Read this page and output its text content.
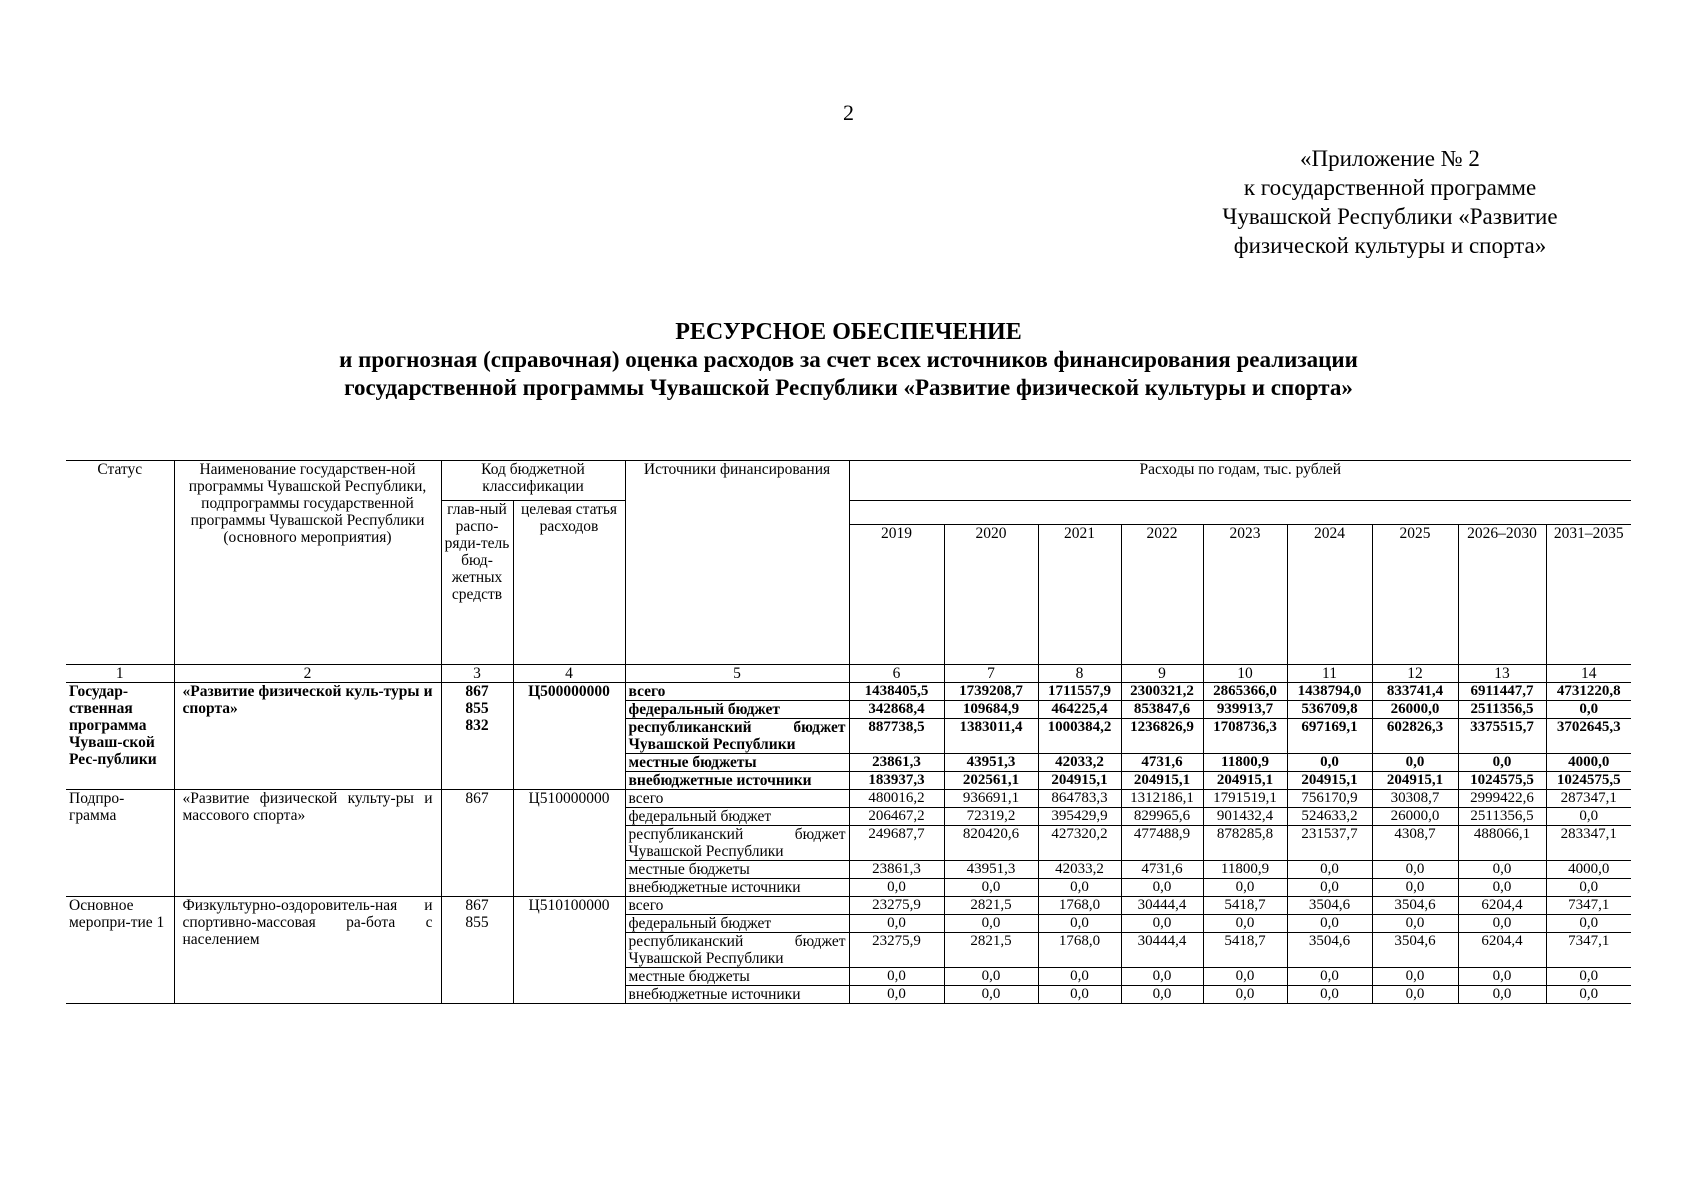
2
«Приложение № 2
к государственной программе
Чувашской Республики «Развитие
физической культуры и спорта»
РЕСУРСНОЕ ОБЕСПЕЧЕНИЕ
и прогнозная (справочная) оценка расходов за счет всех источников финансирования реализации
государственной программы Чувашской Республики «Развитие физической культуры и спорта»
Статус	Наименование государствен-ной программы Чувашской Республики, подпрограммы государственной программы Чувашской Республики (основного мероприятия)	Код бюджетной классификации		Источники финансирования	Расходы по годам, тыс. рублей								
		глав-ный распо-ряди-тель бюд-жетных средств	целевая статья расходов										
					2019	2020	2021	2022	2023	2024	2025	2026–2030	2031–2035
1	2	3	4	5	6	7	8	9	10	11	12	13	14
Государ-ственная программа Чуваш-ской Рес-публики	«Развитие физической куль-туры и спорта»	867
855
832	Ц500000000	всего	1438405,5	1739208,7	1711557,9	2300321,2	2865366,0	1438794,0	833741,4	6911447,7	4731220,8
				федеральный бюджет	342868,4	109684,9	464225,4	853847,6	939913,7	536709,8	26000,0	2511356,5	0,0
				республиканский бюджет Чувашской Республики	887738,5	1383011,4	1000384,2	1236826,9	1708736,3	697169,1	602826,3	3375515,7	3702645,3
				местные бюджеты	23861,3	43951,3	42033,2	4731,6	11800,9	0,0	0,0	0,0	4000,0
				внебюджетные источники	183937,3	202561,1	204915,1	204915,1	204915,1	204915,1	204915,1	1024575,5	1024575,5
Подпро-грамма	«Развитие физической культу-ры и массового спорта»	867	Ц510000000	всего	480016,2	936691,1	864783,3	1312186,1	1791519,1	756170,9	30308,7	2999422,6	287347,1
				федеральный бюджет	206467,2	72319,2	395429,9	829965,6	901432,4	524633,2	26000,0	2511356,5	0,0
				республиканский бюджет Чувашской Республики	249687,7	820420,6	427320,2	477488,9	878285,8	231537,7	4308,7	488066,1	283347,1
				местные бюджеты	23861,3	43951,3	42033,2	4731,6	11800,9	0,0	0,0	0,0	4000,0
				внебюджетные источники	0,0	0,0	0,0	0,0	0,0	0,0	0,0	0,0	0,0
Основное меропри-тие 1	Физкультурно-оздоровитель-ная и спортивно-массовая ра-бота с населением	867
855	Ц510100000	всего	23275,9	2821,5	1768,0	30444,4	5418,7	3504,6	3504,6	6204,4	7347,1
				федеральный бюджет	0,0	0,0	0,0	0,0	0,0	0,0	0,0	0,0	0,0
				республиканский бюджет Чувашской Республики	23275,9	2821,5	1768,0	30444,4	5418,7	3504,6	3504,6	6204,4	7347,1
				местные бюджеты	0,0	0,0	0,0	0,0	0,0	0,0	0,0	0,0	0,0
				внебюджетные источники	0,0	0,0	0,0	0,0	0,0	0,0	0,0	0,0	0,0
